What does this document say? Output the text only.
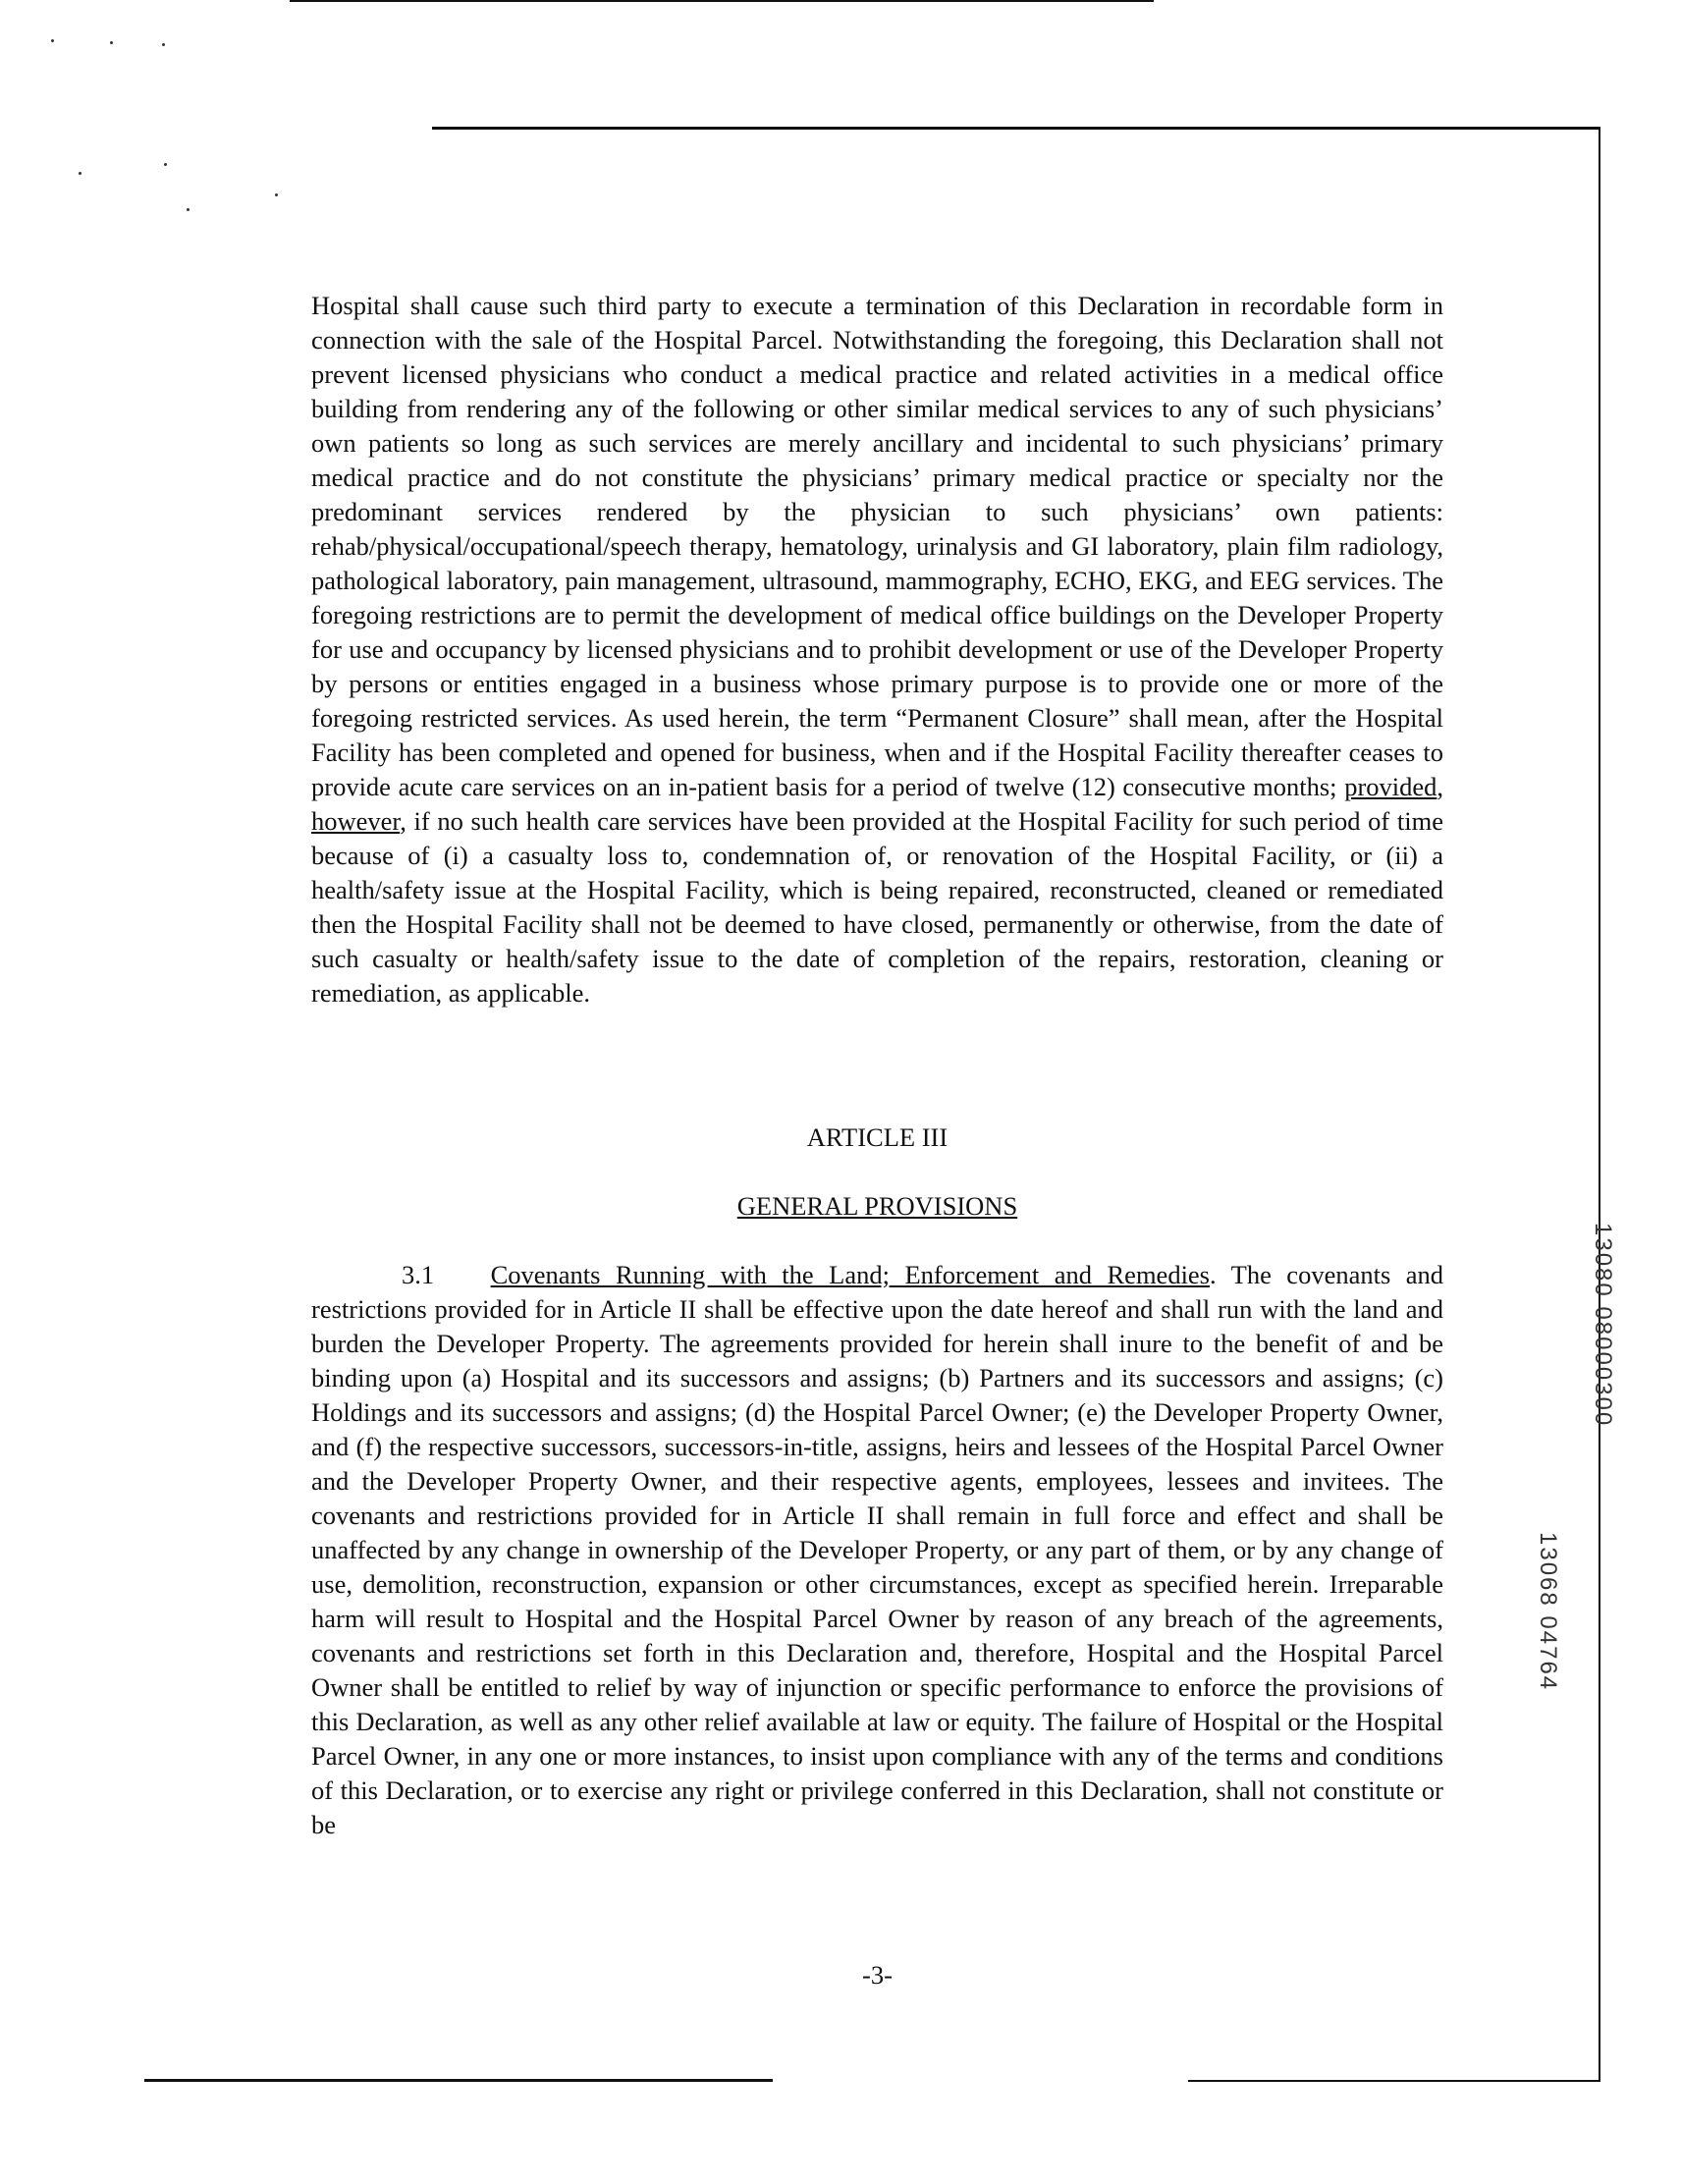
Hospital shall cause such third party to execute a termination of this Declaration in recordable form in connection with the sale of the Hospital Parcel. Notwithstanding the foregoing, this Declaration shall not prevent licensed physicians who conduct a medical practice and related activities in a medical office building from rendering any of the following or other similar medical services to any of such physicians’ own patients so long as such services are merely ancillary and incidental to such physicians’ primary medical practice and do not constitute the physicians’ primary medical practice or specialty nor the predominant services rendered by the physician to such physicians’ own patients: rehab/physical/occupational/speech therapy, hematology, urinalysis and GI laboratory, plain film radiology, pathological laboratory, pain management, ultrasound, mammography, ECHO, EKG, and EEG services. The foregoing restrictions are to permit the development of medical office buildings on the Developer Property for use and occupancy by licensed physicians and to prohibit development or use of the Developer Property by persons or entities engaged in a business whose primary purpose is to provide one or more of the foregoing restricted services. As used herein, the term “Permanent Closure” shall mean, after the Hospital Facility has been completed and opened for business, when and if the Hospital Facility thereafter ceases to provide acute care services on an in-patient basis for a period of twelve (12) consecutive months; provided, however, if no such health care services have been provided at the Hospital Facility for such period of time because of (i) a casualty loss to, condemnation of, or renovation of the Hospital Facility, or (ii) a health/safety issue at the Hospital Facility, which is being repaired, reconstructed, cleaned or remediated then the Hospital Facility shall not be deemed to have closed, permanently or otherwise, from the date of such casualty or health/safety issue to the date of completion of the repairs, restoration, cleaning or remediation, as applicable.

ARTICLE III
GENERAL PROVISIONS

3.1 Covenants Running with the Land; Enforcement and Remedies. The covenants and restrictions provided for in Article II shall be effective upon the date hereof and shall run with the land and burden the Developer Property. The agreements provided for herein shall inure to the benefit of and be binding upon (a) Hospital and its successors and assigns; (b) Partners and its successors and assigns; (c) Holdings and its successors and assigns; (d) the Hospital Parcel Owner; (e) the Developer Property Owner, and (f) the respective successors, successors-in-title, assigns, heirs and lessees of the Hospital Parcel Owner and the Developer Property Owner, and their respective agents, employees, lessees and invitees. The covenants and restrictions provided for in Article II shall remain in full force and effect and shall be unaffected by any change in ownership of the Developer Property, or any part of them, or by any change of use, demolition, reconstruction, expansion or other circumstances, except as specified herein. Irreparable harm will result to Hospital and the Hospital Parcel Owner by reason of any breach of the agreements, covenants and restrictions set forth in this Declaration and, therefore, Hospital and the Hospital Parcel Owner shall be entitled to relief by way of injunction or specific performance to enforce the provisions of this Declaration, as well as any other relief available at law or equity. The failure of Hospital or the Hospital Parcel Owner, in any one or more instances, to insist upon compliance with any of the terms and conditions of this Declaration, or to exercise any right or privilege conferred in this Declaration, shall not constitute or be

13080 08000300
13068 04764
-3-
